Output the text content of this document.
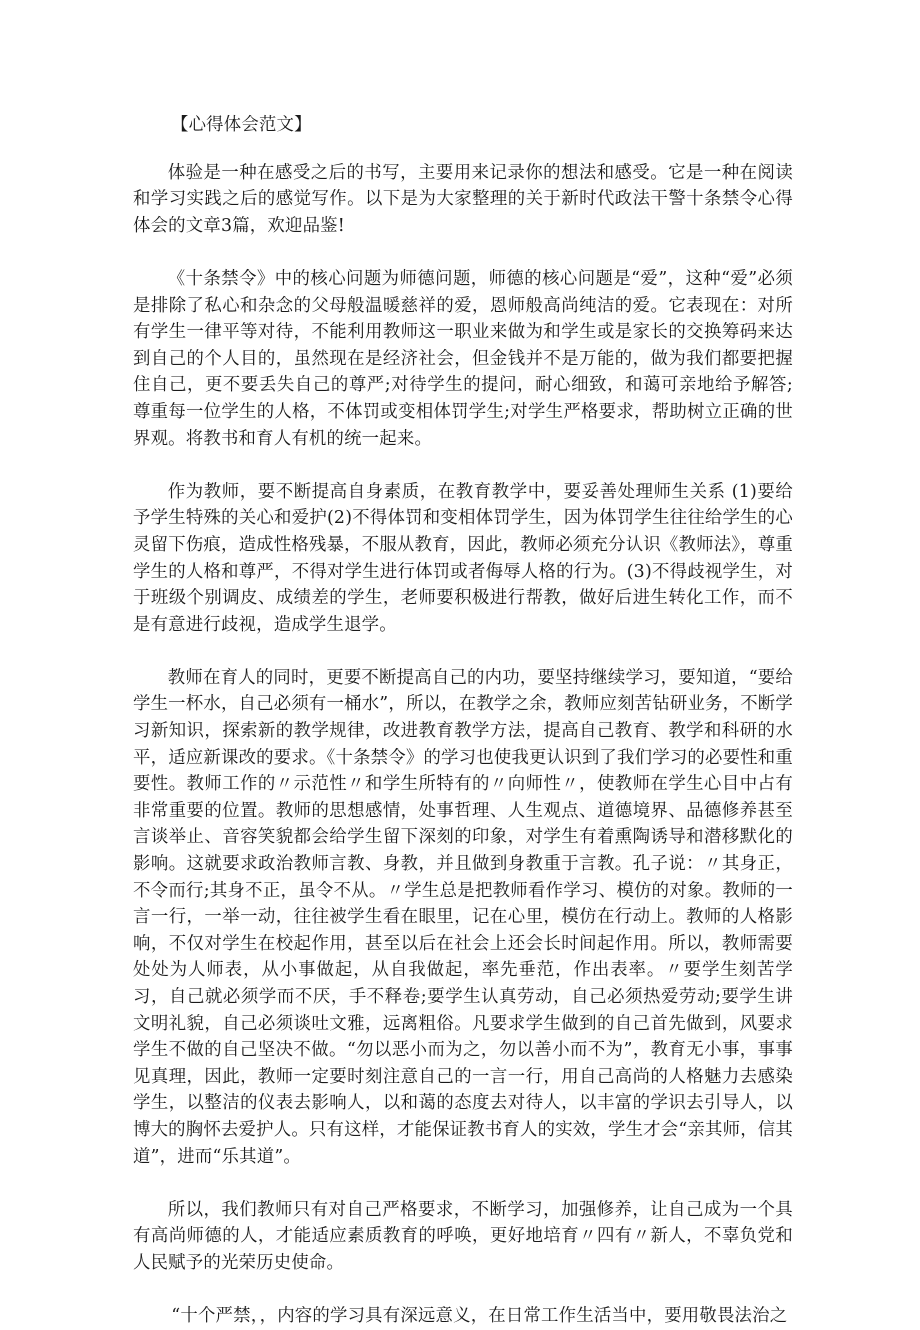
【心得体会范文】

体验是一种在感受之后的书写，主要用来记录你的想法和感受。它是一种在阅读和学习实践之后的感觉写作。以下是为大家整理的关于新时代政法干警十条禁令心得体会的文章3篇，欢迎品鉴!

《十条禁令》中的核心问题为师德问题，师德的核心问题是“爱”，这种“爱”必须是排除了私心和杂念的父母般温暖慈祥的爱，恩师般高尚纯洁的爱。它表现在：对所有学生一律平等对待，不能利用教师这一职业来做为和学生或是家长的交换筹码来达到自己的个人目的，虽然现在是经济社会，但金钱并不是万能的，做为我们都要把握住自己，更不要丢失自己的尊严;对待学生的提问，耐心细致，和蔼可亲地给予解答;尊重每一位学生的人格，不体罚或变相体罚学生;对学生严格要求，帮助树立正确的世界观。将教书和育人有机的统一起来。

作为教师，要不断提高自身素质，在教育教学中，要妥善处理师生关系 (1)要给予学生特殊的关心和爱护(2)不得体罚和变相体罚学生，因为体罚学生往往给学生的心灵留下伤痕，造成性格残暴，不服从教育，因此，教师必须充分认识《教师法》，尊重学生的人格和尊严，不得对学生进行体罚或者侮辱人格的行为。(3)不得歧视学生，对于班级个别调皮、成绩差的学生，老师要积极进行帮教，做好后进生转化工作，而不是有意进行歧视，造成学生退学。

教师在育人的同时，更要不断提高自己的内功，要坚持继续学习，要知道，“要给学生一杯水，自己必须有一桶水”，所以，在教学之余，教师应刻苦钻研业务，不断学习新知识，探索新的教学规律，改进教育教学方法，提高自己教育、教学和科研的水平，适应新课改的要求。《十条禁令》的学习也使我更认识到了我们学习的必要性和重要性。教师工作的〃示范性〃和学生所特有的〃向师性〃，使教师在学生心目中占有非常重要的位置。教师的思想感情，处事哲理、人生观点、道德境界、品德修养甚至言谈举止、音容笑貌都会给学生留下深刻的印象，对学生有着熏陶诱导和潜移默化的影响。这就要求政治教师言教、身教，并且做到身教重于言教。孔子说：〃其身正，不令而行;其身不正，虽令不从。〃学生总是把教师看作学习、模仿的对象。教师的一言一行，一举一动，往往被学生看在眼里，记在心里，模仿在行动上。教师的人格影响，不仅对学生在校起作用，甚至以后在社会上还会长时间起作用。所以，教师需要处处为人师表，从小事做起，从自我做起，率先垂范，作出表率。〃要学生刻苦学习，自己就必须学而不厌，手不释卷;要学生认真劳动，自己必须热爱劳动;要学生讲文明礼貌，自己必须谈吐文雅，远离粗俗。凡要求学生做到的自己首先做到，风要求学生不做的自己坚决不做。“勿以恶小而为之，勿以善小而不为”，教育无小事，事事见真理，因此，教师一定要时刻注意自己的一言一行，用自己高尚的人格魅力去感染学生，以整洁的仪表去影响人，以和蔼的态度去对待人，以丰富的学识去引导人，以博大的胸怀去爱护人。只有这样，才能保证教书育人的实效，学生才会“亲其师，信其道”，进而“乐其道”。

所以，我们教师只有对自己严格要求，不断学习，加强修养，让自己成为一个具有高尚师德的人，才能适应素质教育的呼唤，更好地培育〃四有〃新人，不辜负党和人民赋予的光荣历史使命。

“十个严禁，，内容的学习具有深远意义，在日常工作生活当中，要用敬畏法治之
